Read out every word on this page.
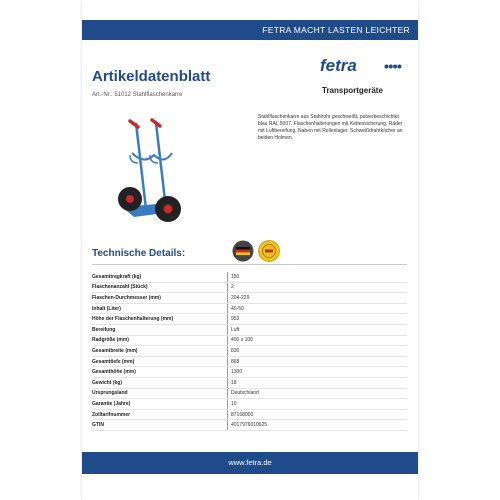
FETRA MACHT LASTEN LEICHTER
Artikeldatenblatt
Art.-Nr.: 51012 Stahlflaschenkarre
fetra
Transportgeräte
Stahlflaschenkarre aus Stahlrohr geschweißt, pulverbeschichtet blau RAL 5007. Flaschenhalterungen mit Kettensicherung. Räder mit Luftbereifung, Naben mit Rollenlager. Schweißdrahtköcher an beiden Holmen.
Technische Details:
Gesamttragkraft (kg)		150
Flaschenanzahl (Stück)		2
Flaschen-Durchmesser (mm)		204-229
Inhalt (Liter)		40-50
Höhe der Flaschenhalterung (mm)		953
Bereifung		Luft
Radgröße (mm)		400 x 100
Gesamtbreite (mm)		830
Gesamttiefe (mm)		868
Gesamthöhe (mm)		1300
Gewicht (kg)		18
Ursprungsland		Deutschland
Garantie (Jahre)		10
Zolltarifnummer		87168000
GTIN		4017976010625
www.fetra.de
